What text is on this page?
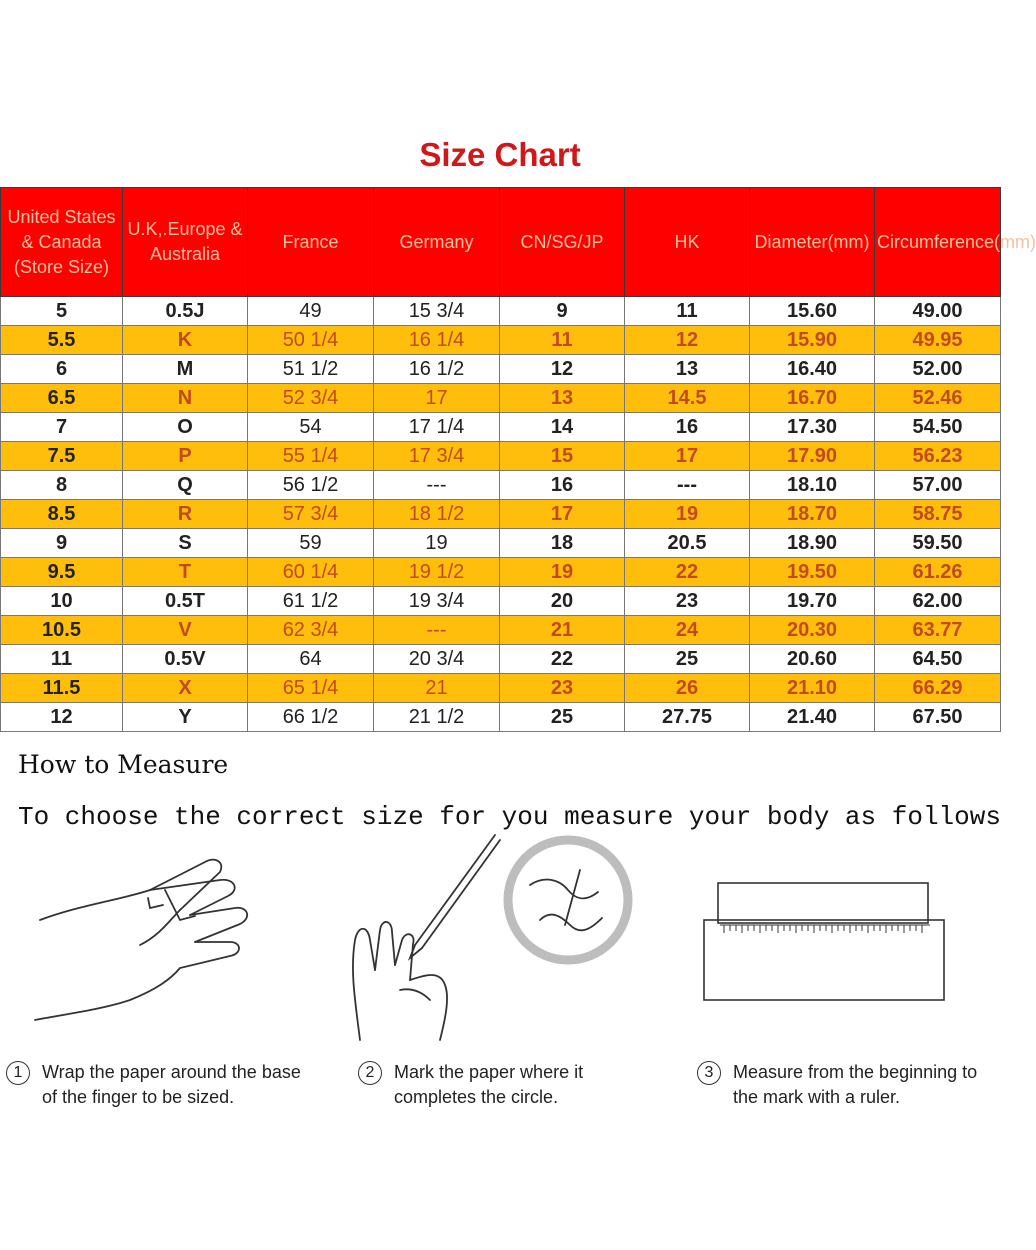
Size Chart
United States & Canada (Store Size)	U.K,.Europe & Australia	France	Germany	CN/SG/JP	HK	Diameter(mm)	Circumference(mm)
5	0.5J	49	15 3/4	9	11	15.60	49.00
5.5	K	50 1/4	16 1/4	11	12	15.90	49.95
6	M	51 1/2	16 1/2	12	13	16.40	52.00
6.5	N	52 3/4	17	13	14.5	16.70	52.46
7	O	54	17 1/4	14	16	17.30	54.50
7.5	P	55 1/4	17 3/4	15	17	17.90	56.23
8	Q	56 1/2	---	16	---	18.10	57.00
8.5	R	57 3/4	18 1/2	17	19	18.70	58.75
9	S	59	19	18	20.5	18.90	59.50
9.5	T	60 1/4	19 1/2	19	22	19.50	61.26
10	0.5T	61 1/2	19 3/4	20	23	19.70	62.00
10.5	V	62 3/4	---	21	24	20.30	63.77
11	0.5V	64	20 3/4	22	25	20.60	64.50
11.5	X	65 1/4	21	23	26	21.10	66.29
12	Y	66 1/2	21 1/2	25	27.75	21.40	67.50
How to Measure
To choose the correct size for you measure your body as follows
1	Wrap the paper around the base of the finger to be sized.
2	Mark the paper where it completes the circle.
3	Measure from the beginning to the mark with a ruler.
